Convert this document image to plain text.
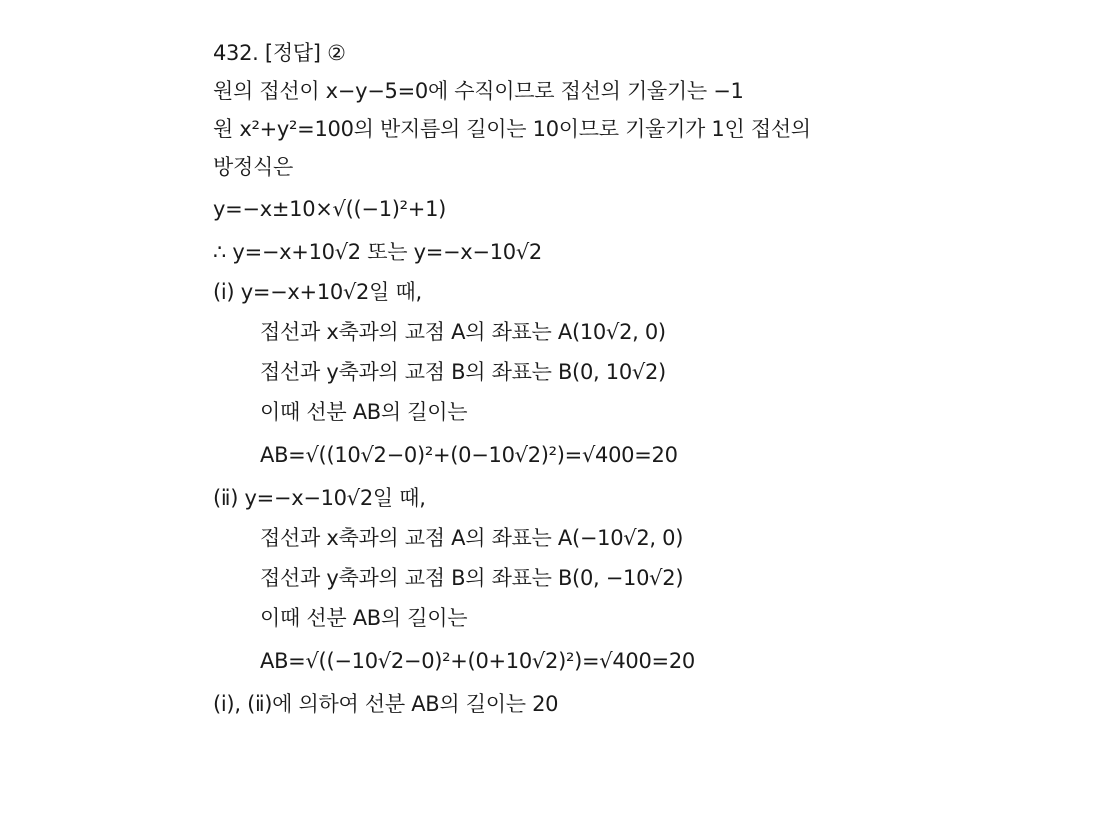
432. [정답] ②
원의 접선이 x−y−5=0에 수직이므로 접선의 기울기는 −1
원 x²+y²=100의 반지름의 길이는 10이므로 기울기가 1인 접선의
방정식은
y=−x±10×√((−1)²+1)
∴ y=−x+10√2 또는 y=−x−10√2
(ⅰ) y=−x+10√2일 때,
접선과 x축과의 교점 A의 좌표는 A(10√2, 0)
접선과 y축과의 교점 B의 좌표는 B(0, 10√2)
이때 선분 AB의 길이는
AB=√((10√2−0)²+(0−10√2)²)=√400=20
(ⅱ) y=−x−10√2일 때,
접선과 x축과의 교점 A의 좌표는 A(−10√2, 0)
접선과 y축과의 교점 B의 좌표는 B(0, −10√2)
이때 선분 AB의 길이는
AB=√((−10√2−0)²+(0+10√2)²)=√400=20
(ⅰ), (ⅱ)에 의하여 선분 AB의 길이는 20
